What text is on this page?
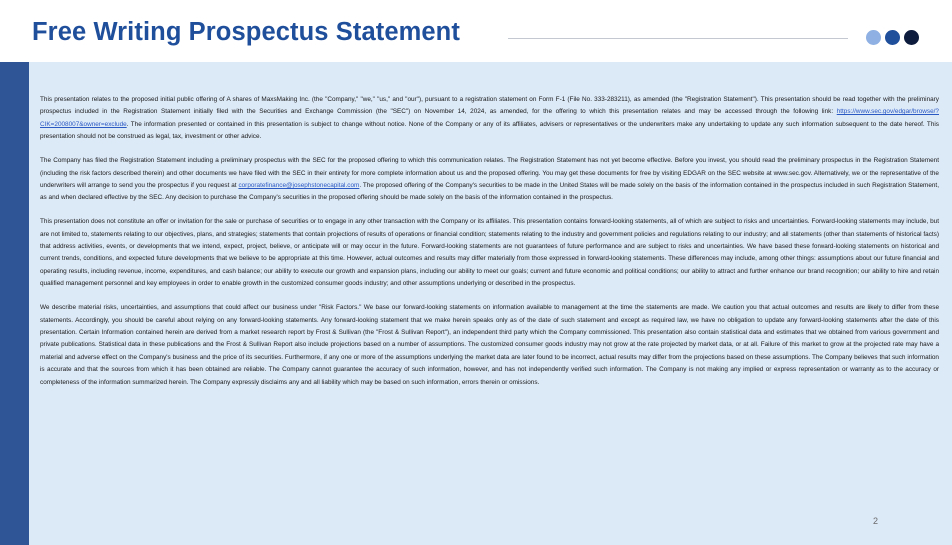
Free Writing Prospectus Statement

This presentation relates to the proposed initial public offering of A shares of MaxsMaking Inc. (the "Company," "we," "us," and "our"), pursuant to a registration statement on Form F-1 (File No. 333-283211), as amended (the "Registration Statement"). This presentation should be read together with the preliminary prospectus included in the Registration Statement initially filed with the Securities and Exchange Commission (the "SEC") on November 14, 2024, as amended, for the offering to which this presentation relates and may be accessed through the following link: https://www.sec.gov/edgar/browse/?CIK=2008007&owner=exclude. The information presented or contained in this presentation is subject to change without notice. None of the Company or any of its affiliates, advisers or representatives or the underwriters make any undertaking to update any such information subsequent to the date hereof. This presentation should not be construed as legal, tax, investment or other advice.

The Company has filed the Registration Statement including a preliminary prospectus with the SEC for the proposed offering to which this communication relates. The Registration Statement has not yet become effective. Before you invest, you should read the preliminary prospectus in the Registration Statement (including the risk factors described therein) and other documents we have filed with the SEC in their entirety for more complete information about us and the proposed offering. You may get these documents for free by visiting EDGAR on the SEC website at www.sec.gov. Alternatively, we or the representative of the underwriters will arrange to send you the prospectus if you request at corporatefinance@josephstonecapital.com. The proposed offering of the Company's securities to be made in the United States will be made solely on the basis of the information contained in the prospectus included in such Registration Statement, as and when declared effective by the SEC. Any decision to purchase the Company's securities in the proposed offering should be made solely on the basis of the information contained in the prospectus.

This presentation does not constitute an offer or invitation for the sale or purchase of securities or to engage in any other transaction with the Company or its affiliates. This presentation contains forward-looking statements, all of which are subject to risks and uncertainties. Forward-looking statements may include, but are not limited to, statements relating to our objectives, plans, and strategies; statements that contain projections of results of operations or financial condition; statements relating to the industry and government policies and regulations relating to our industry; and all statements (other than statements of historical facts) that address activities, events, or developments that we intend, expect, project, believe, or anticipate will or may occur in the future. Forward-looking statements are not guarantees of future performance and are subject to risks and uncertainties. We have based these forward-looking statements on historical and current trends, conditions, and expected future developments that we believe to be appropriate at this time. However, actual outcomes and results may differ materially from those expressed in forward-looking statements. These differences may include, among other things: assumptions about our future financial and operating results, including revenue, income, expenditures, and cash balance; our ability to execute our growth and expansion plans, including our ability to meet our goals; current and future economic and political conditions; our ability to attract and further enhance our brand recognition; our ability to hire and retain qualified management personnel and key employees in order to enable growth in the customized consumer goods industry; and other assumptions underlying or described in the prospectus.

We describe material risks, uncertainties, and assumptions that could affect our business under "Risk Factors." We base our forward-looking statements on information available to management at the time the statements are made. We caution you that actual outcomes and results are likely to differ from these statements. Accordingly, you should be careful about relying on any forward-looking statements. Any forward-looking statement that we make herein speaks only as of the date of such statement and except as required law, we have no obligation to update any forward-looking statements after the date of this presentation. Certain Information contained herein are derived from a market research report by Frost & Sullivan (the "Frost & Sullivan Report"), an independent third party which the Company commissioned. This presentation also contain statistical data and estimates that we obtained from various government and private publications. Statistical data in these publications and the Frost & Sullivan Report also include projections based on a number of assumptions. The customized consumer goods industry may not grow at the rate projected by market data, or at all. Failure of this market to grow at the projected rate may have a material and adverse effect on the Company's business and the price of its securities. Furthermore, if any one or more of the assumptions underlying the market data are later found to be incorrect, actual results may differ from the projections based on these assumptions. The Company believes that such information is accurate and that the sources from which it has been obtained are reliable. The Company cannot guarantee the accuracy of such information, however, and has not independently verified such information. The Company is not making any implied or express representation or warranty as to the accuracy or completeness of the information summarized herein. The Company expressly disclaims any and all liability which may be based on such information, errors therein or omissions.

2
